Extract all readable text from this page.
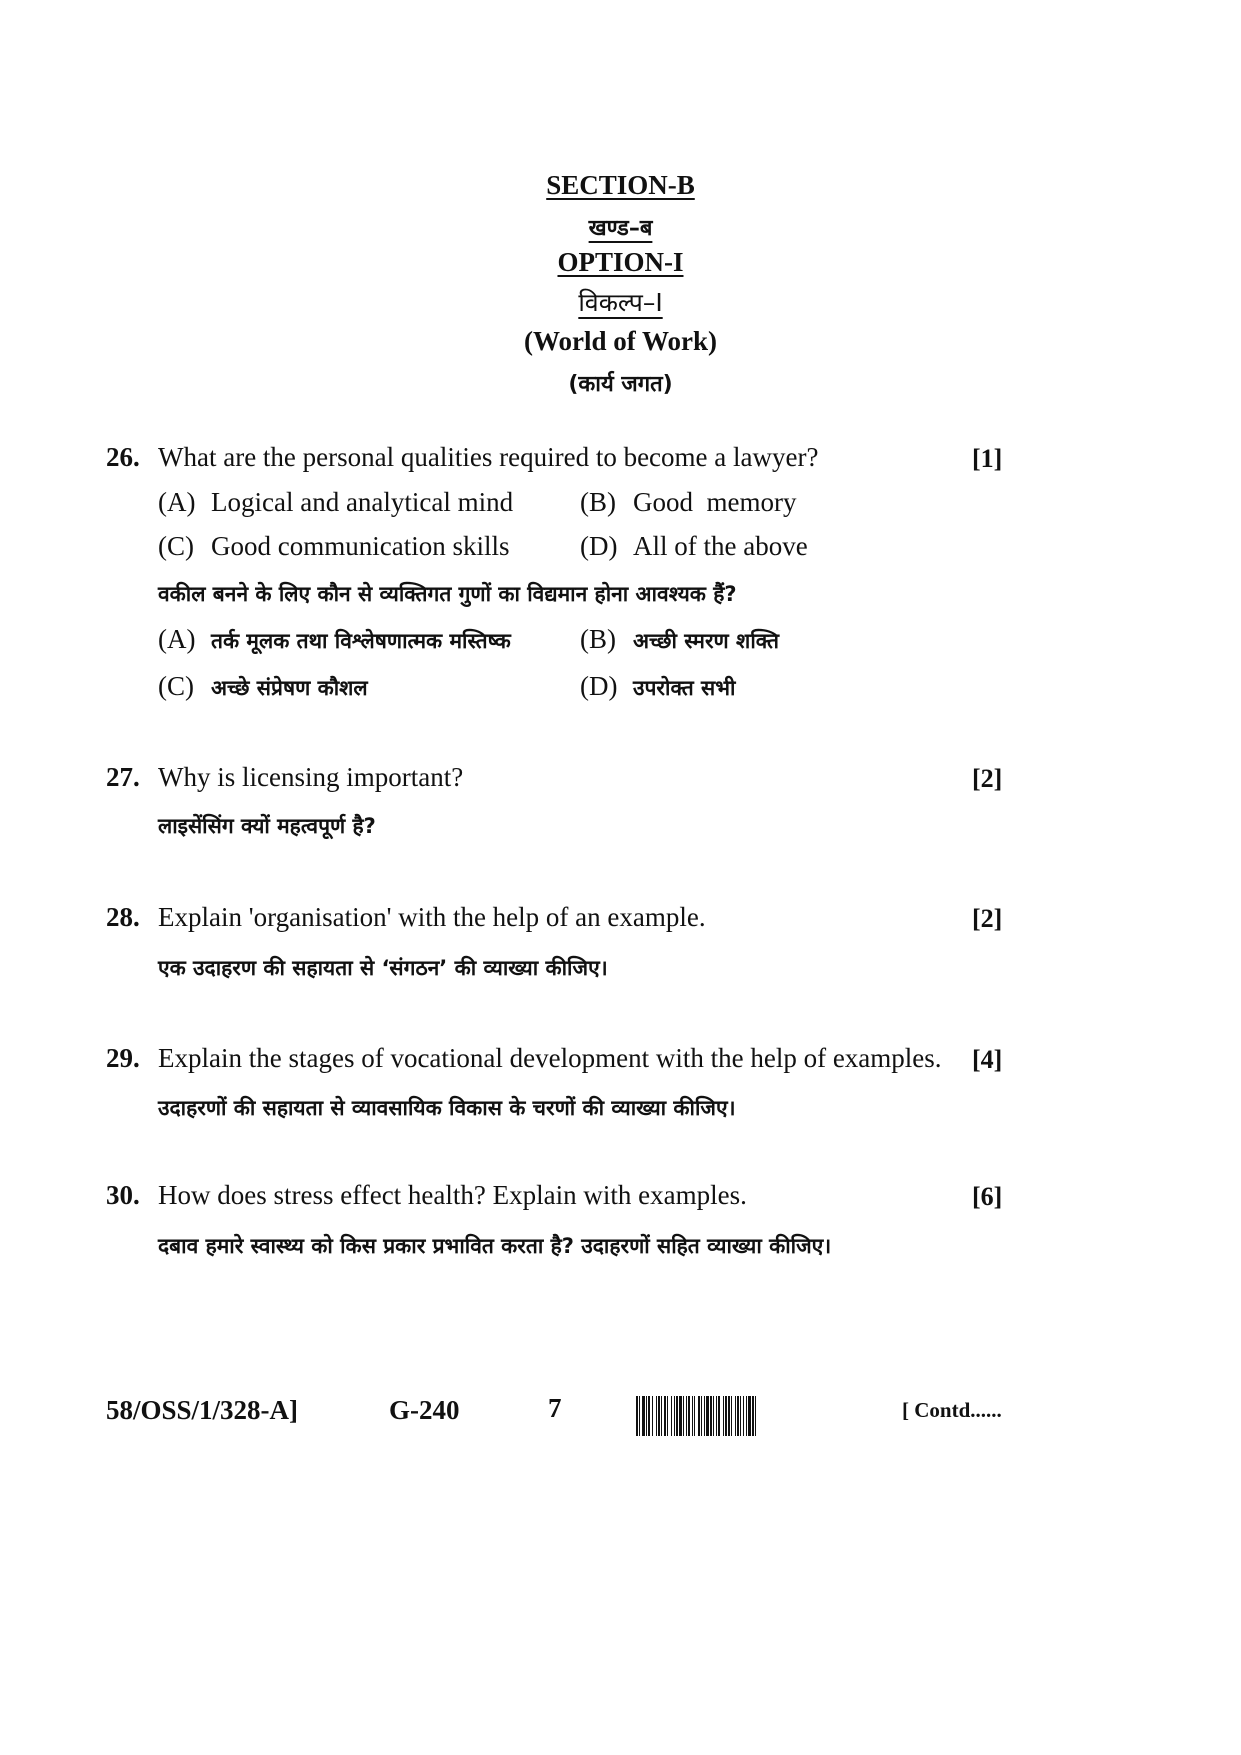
SECTION-B
खण्ड–ब
OPTION-I
विकल्प–I
(World of Work)
(कार्य जगत)
26. What are the personal qualities required to become a lawyer?	[1]
(A) Logical and analytical mind (B) Good  memory
(C) Good communication skills	(D) All of the above
वकील बनने के लिए कौन से व्यक्तिगत गुणों का विद्यमान होना आवश्यक हैं?
(A) तर्क मूलक तथा विश्लेषणात्मक मस्तिष्क	(B) अच्छी स्मरण शक्ति
(C) अच्छे संप्रेषण कौशल	(D) उपरोक्त सभी
27. Why is licensing important?	[2]
लाइसेंसिंग क्यों महत्वपूर्ण है?
28. Explain 'organisation' with the help of an example.	[2]
एक उदाहरण की सहायता से ‘संगठन’ की व्याख्या कीजिए।
29. Explain the stages of vocational development with the help of examples. [4]
उदाहरणों की सहायता से व्यावसायिक विकास के चरणों की व्याख्या कीजिए।
30. How does stress effect health? Explain with examples.	[6]
दबाव हमारे स्वास्थ्य को किस प्रकार प्रभावित करता है? उदाहरणों सहित व्याख्या कीजिए।
58/OSS/1/328-A]	G-240	7	[ Contd......
